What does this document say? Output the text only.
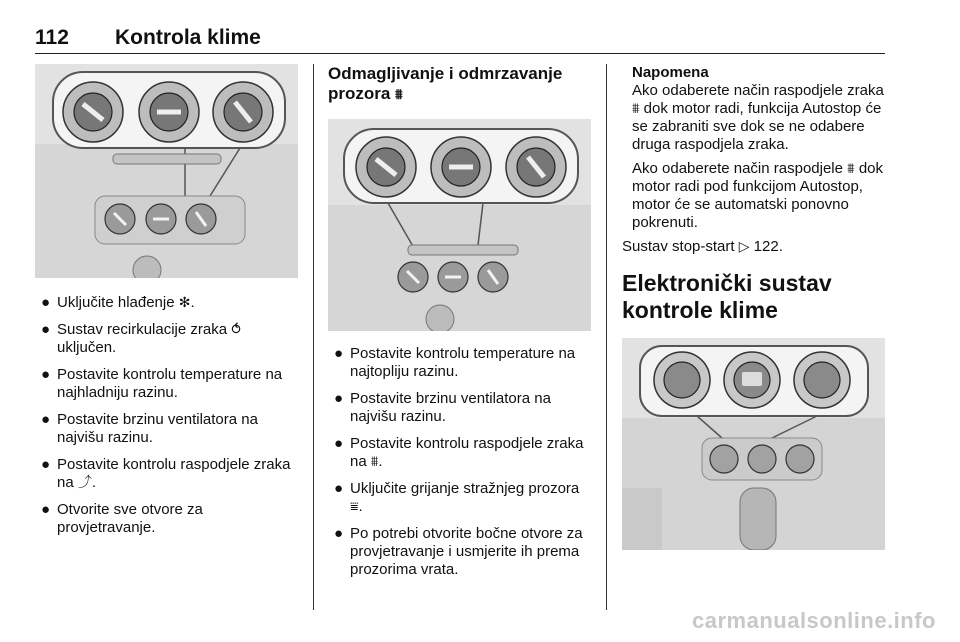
112 Kontrola klime
● Uključite hlađenje ✻.
● Sustav recirkulacije zraka ⥀
uključen.
● Postavite kontrolu temperature na najhladniju razinu.
● Postavite brzinu ventilatora na najvišu razinu.
● Postavite kontrolu raspodjele zraka na ⤴.
● Otvorite sve otvore za provjetravanje.

Odmagljivanje i odmrzavanje prozora ⩩

● Postavite kontrolu temperature na najtopliju razinu.
● Postavite brzinu ventilatora na najvišu razinu.
● Postavite kontrolu raspodjele zraka na ⩩.
● Uključite grijanje stražnjeg prozora ⩸.
● Po potrebi otvorite bočne otvore za provjetravanje i usmjerite ih prema prozorima vrata.
Napomena

Ako odaberete način raspodjele zraka ⩩ dok motor radi, funkcija Autostop će se zabraniti sve dok se ne odabere druga raspodjela zraka.

Ako odaberete način raspodjele ⩩ dok motor radi pod funkcijom Autostop, motor će se automatski ponovno pokrenuti.

Sustav stop-start ▷ 122.

Elektronički sustav kontrole klime

carmanualsonline.info
